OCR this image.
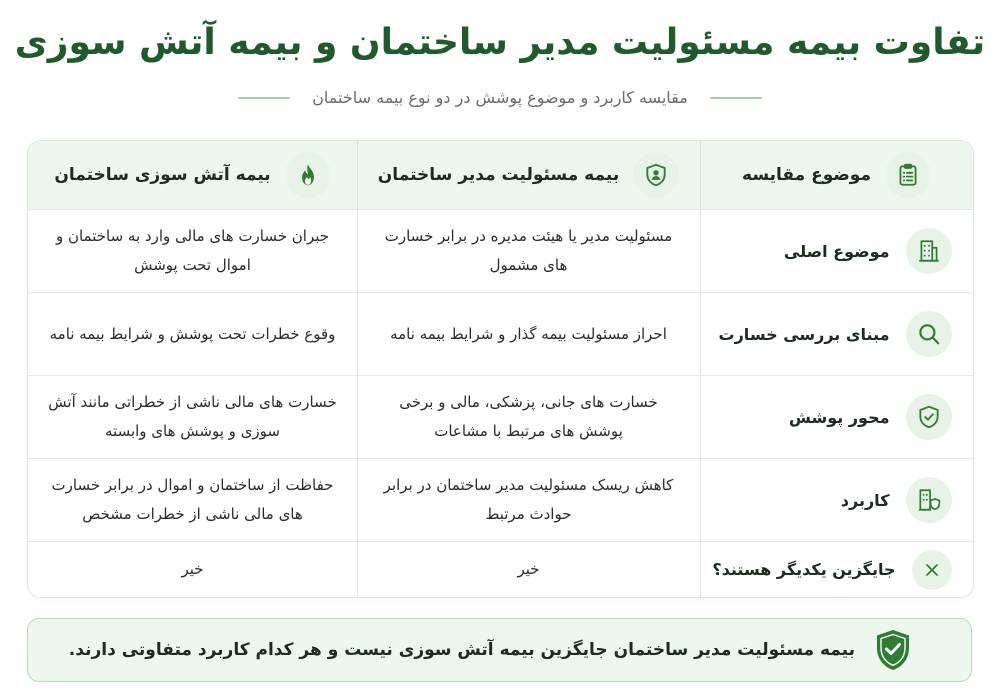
تفاوت بیمه مسئولیت مدیر ساختمان و بیمه آتش سوزی
مقایسه کاربرد و موضوع پوشش در دو نوع بیمه ساختمان
موضوع مقایسه
بیمه مسئولیت مدیر ساختمان
بیمه آتش سوزی ساختمان
موضوع اصلی
مسئولیت مدیر یا هیئت مدیره در برابر خسارت های مشمول
جبران خسارت های مالی وارد به ساختمان و اموال تحت پوشش
مبنای بررسی خسارت
احراز مسئولیت بیمه گذار و شرایط بیمه نامه
وقوع خطرات تحت پوشش و شرایط بیمه نامه
محور پوشش
خسارت های جانی، پزشکی، مالی و برخی پوشش های مرتبط با مشاعات
خسارت های مالی ناشی از خطراتی مانند آتش سوزی و پوشش های وابسته
کاربرد
کاهش ریسک مسئولیت مدیر ساختمان در برابر حوادث مرتبط
حفاظت از ساختمان و اموال در برابر خسارت های مالی ناشی از خطرات مشخص
جایگزین یکدیگر هستند؟
خیر
خیر
بیمه مسئولیت مدیر ساختمان جایگزین بیمه آتش سوزی نیست و هر کدام کاربرد متفاوتی دارند.
